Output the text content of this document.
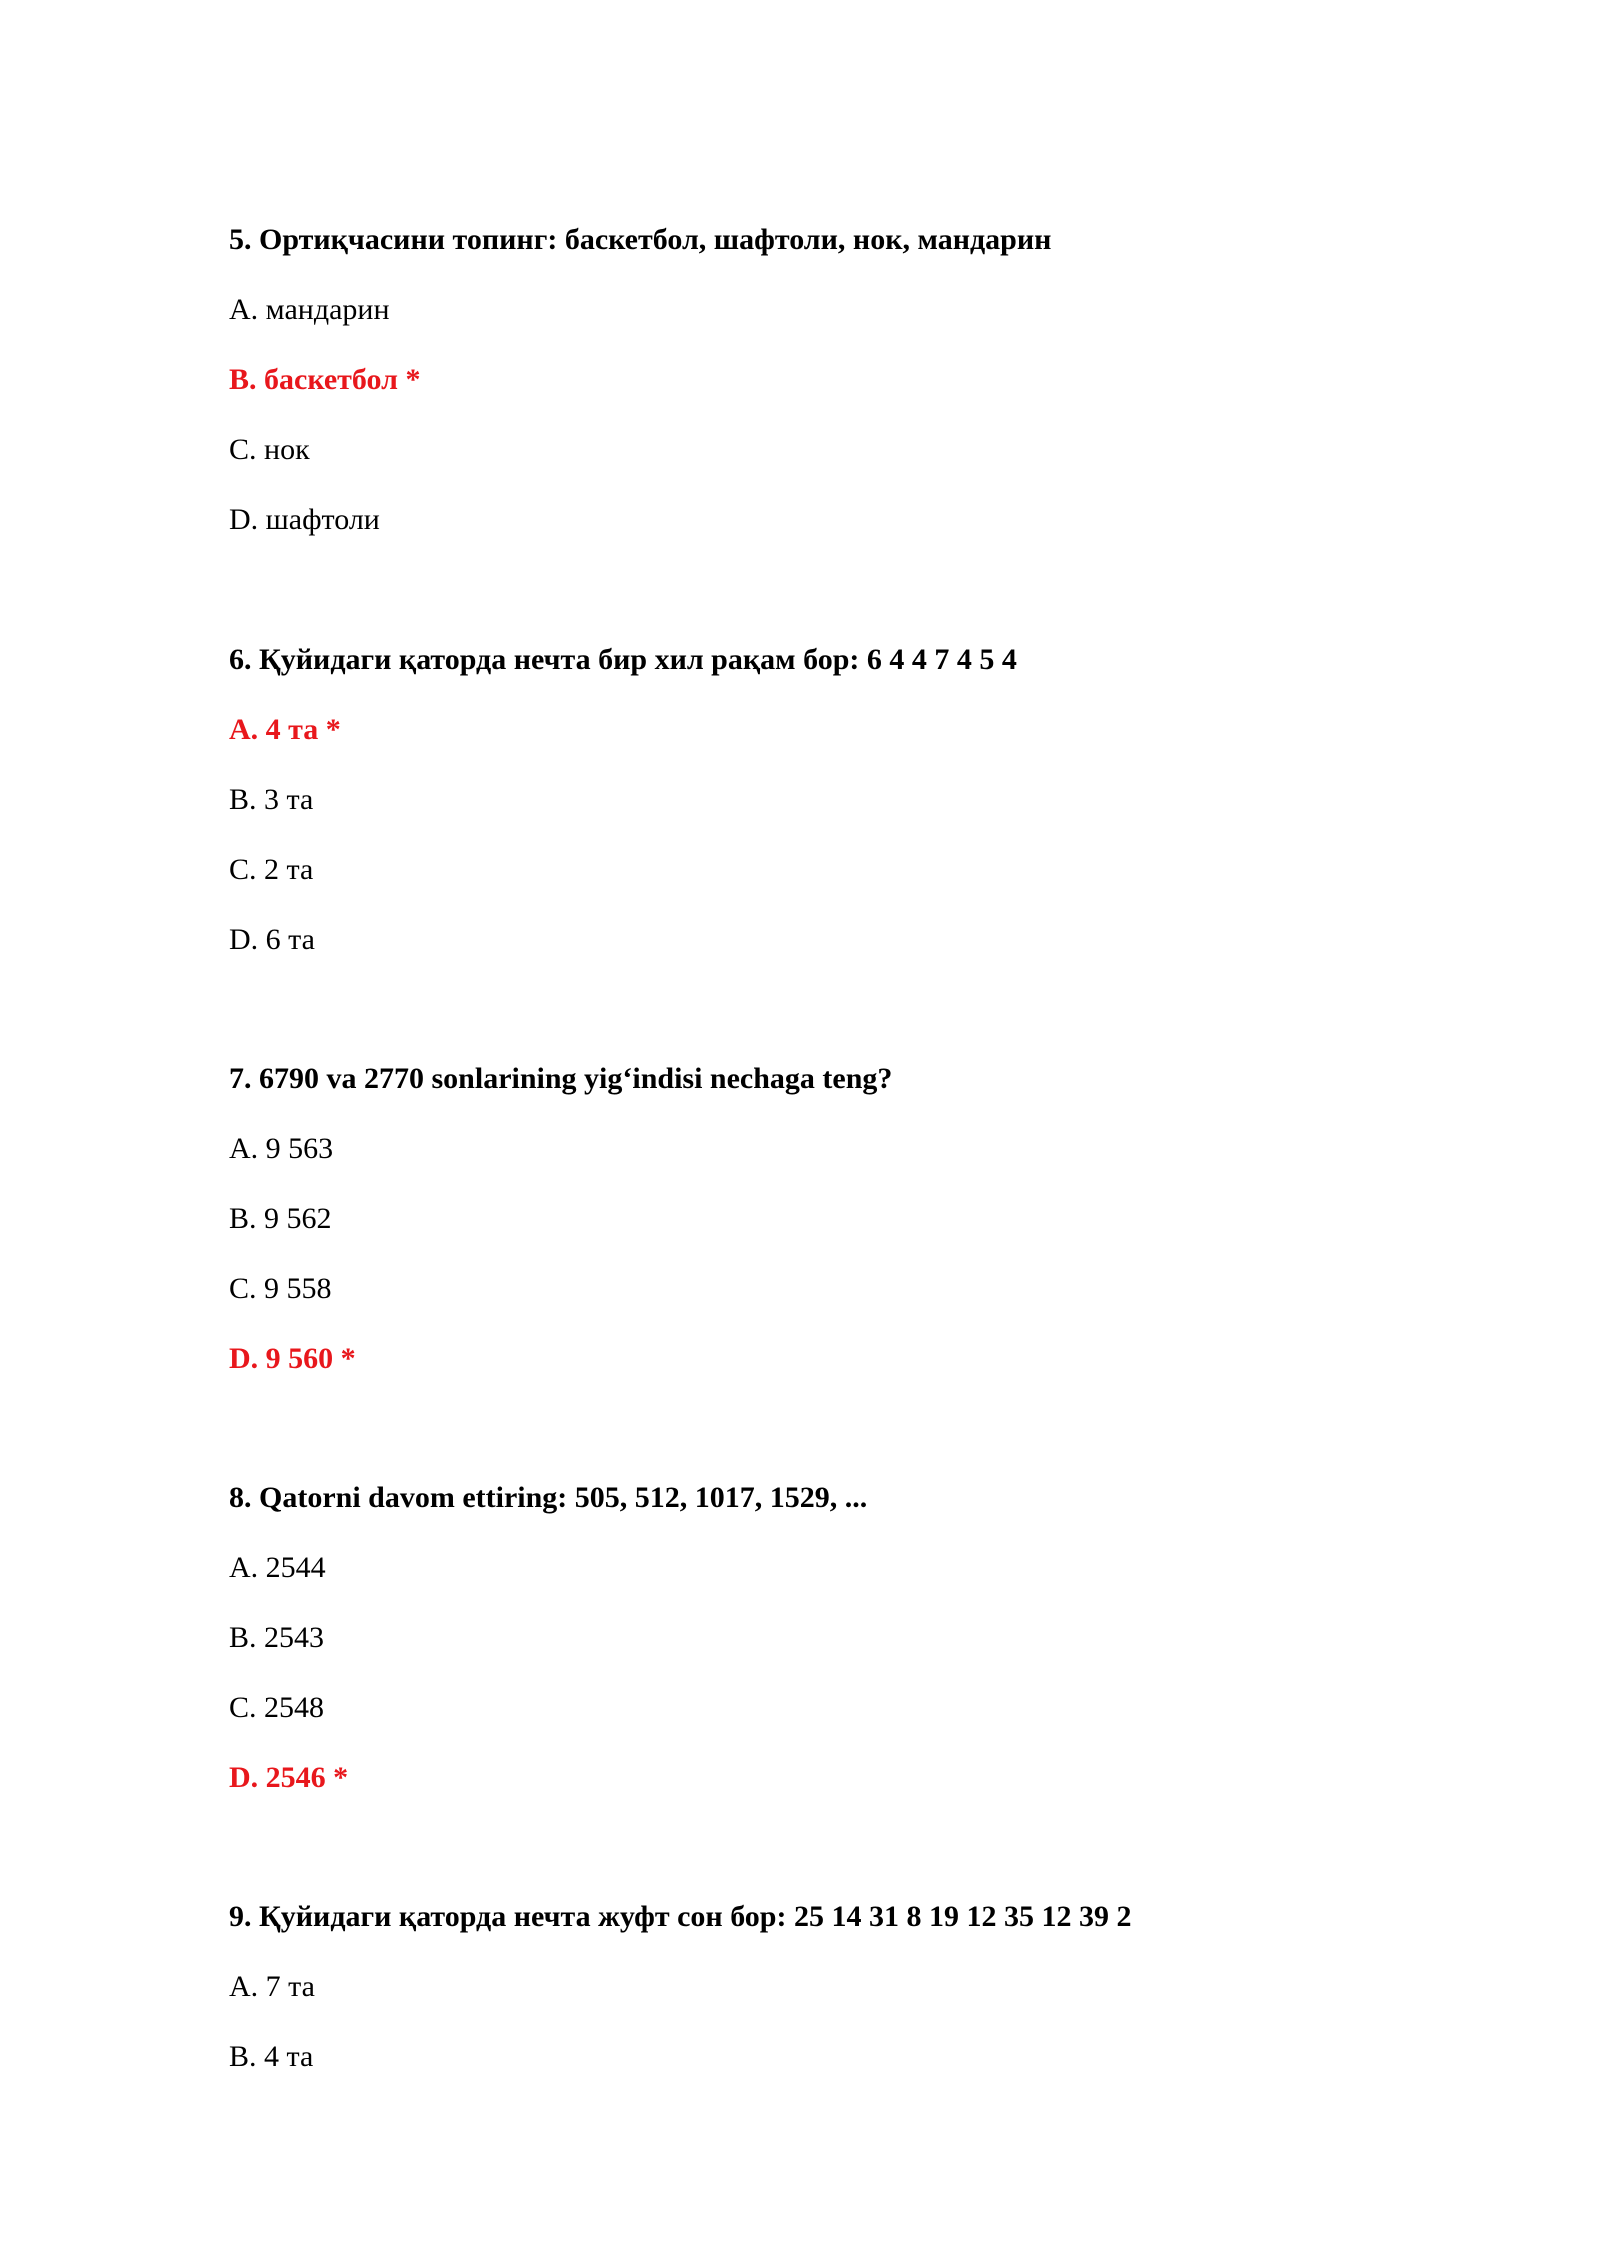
5. Ортиқчасини топинг: баскетбол, шафтоли, нок, мандарин

A. мандарин

B. баскетбол *

C. нок

D. шафтоли

6. Қуйидаги қаторда нечта бир хил рақам бор: 6 4 4 7 4 5 4

A. 4 та *

B. 3 та

C. 2 та

D. 6 та

7. 6790 va 2770 sonlarining yig‘indisi nechaga teng?

A. 9 563

B. 9 562

C. 9 558

D. 9 560 *

8. Qatorni davom ettiring: 505, 512, 1017, 1529, ...

A. 2544

B. 2543

C. 2548

D. 2546 *

9. Қуйидаги қаторда нечта жуфт сон бор: 25 14 31 8 19 12 35 12 39 2

A. 7 та

B. 4 та
